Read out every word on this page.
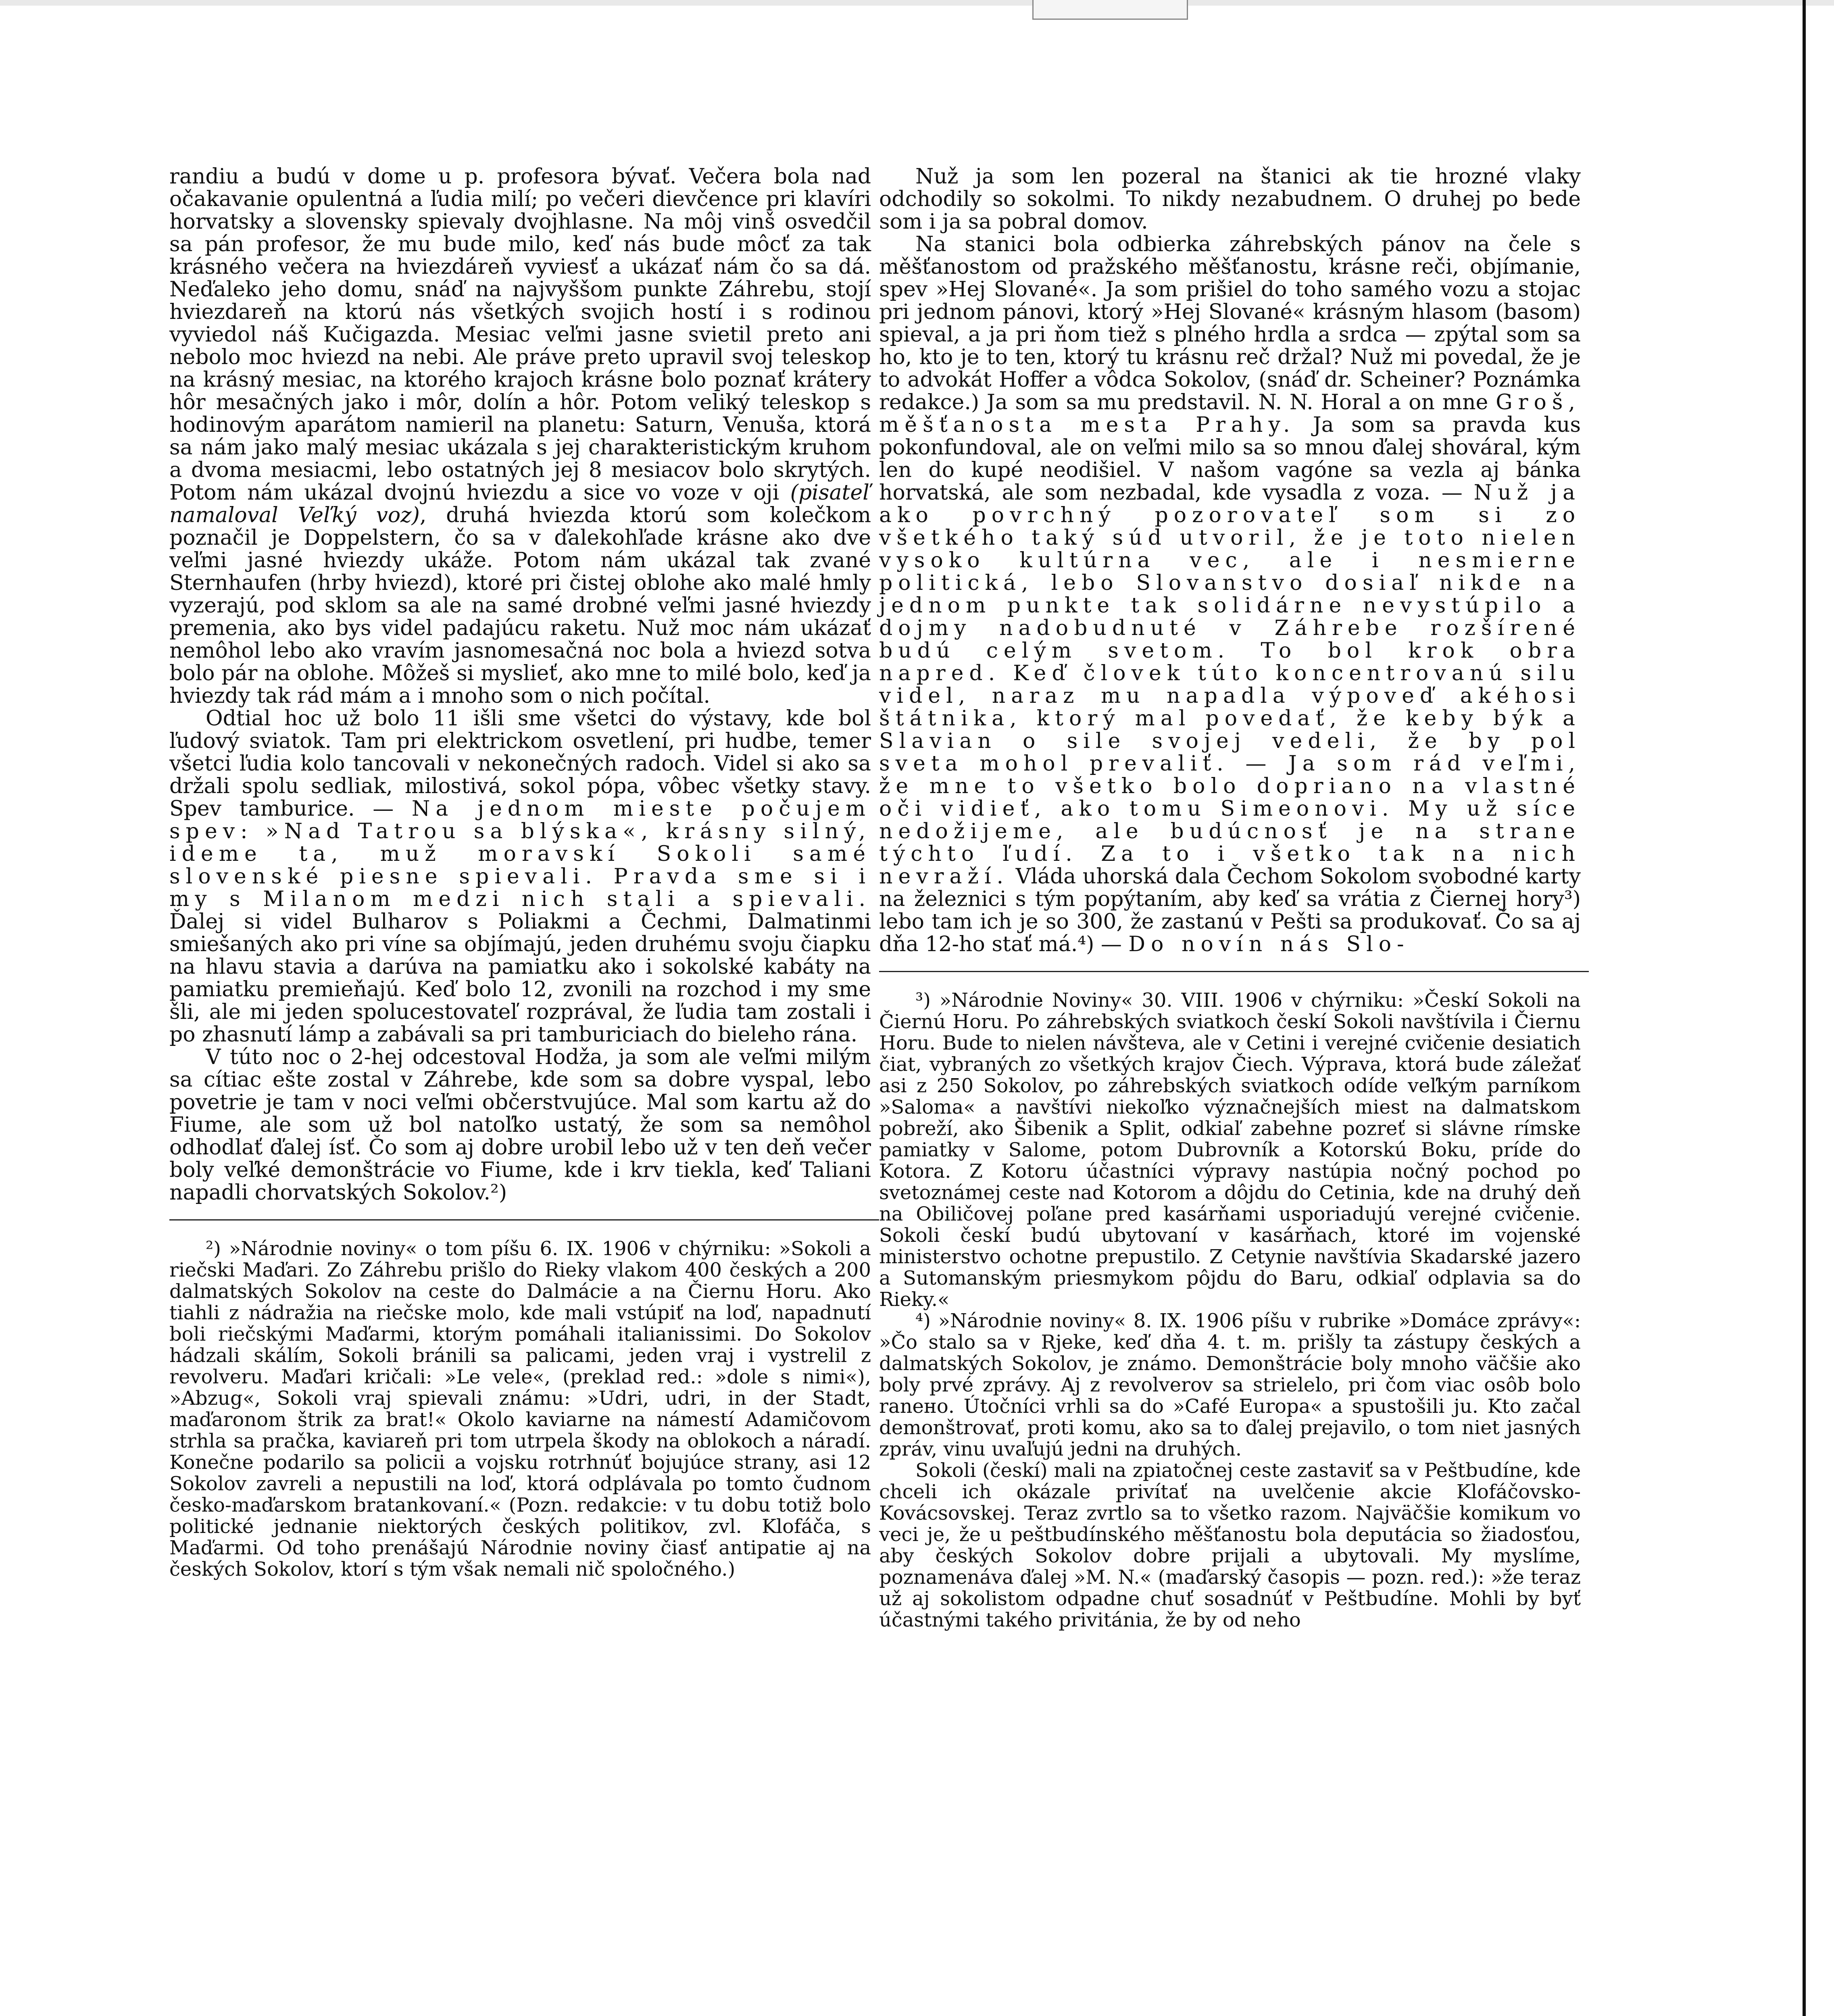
randiu a budú v dome u p. profesora bývať. Večera bola nad očakavanie opulentná a ľudia milí; po večeri dievčence pri klavíri horvatsky a slovensky spievaly dvojhlasne. Na môj vinš osvedčil sa pán profesor, že mu bude milo, keď nás bude môcť za tak krásného večera na hviezdáreň vyviesť a ukázať nám čo sa dá. Neďaleko jeho domu, snáď na najvyššom punkte Záhrebu, stojí hviezdareň na ktorú nás všetkých svojich hostí i s rodinou vyviedol náš Kučigazda. Mesiac veľmi jasne svietil preto ani nebolo moc hviezd na nebi. Ale práve preto upravil svoj teleskop na krásný mesiac, na ktorého krajoch krásne bolo poznať krátery hôr mesačných jako i môr, dolín a hôr. Potom veliký teleskop s hodinovým aparátom namieril na planetu: Saturn, Venuša, ktorá sa nám jako malý mesiac ukázala s jej charakteristickým kruhom a dvoma mesiacmi, lebo ostatných jej 8 mesiacov bolo skrytých. Potom nám ukázal dvojnú hviezdu a sice vo voze v oji (pisateľ namaloval Veľký voz), druhá hviezda ktorú som kolečkom poznačil je Doppelstern, čo sa v ďalekohľade krásne ako dve veľmi jasné hviezdy ukáže. Potom nám ukázal tak zvané Sternhaufen (hrby hviezd), ktoré pri čistej oblohe ako malé hmly vyzerajú, pod sklom sa ale na samé drobné veľmi jasné hviezdy premenia, ako bys videl padajúcu raketu. Nuž moc nám ukázať nemôhol lebo ako vravím jasnomesačná noc bola a hviezd sotva bolo pár na oblohe. Môžeš si myslieť, ako mne to milé bolo, keď ja hviezdy tak rád mám a i mnoho som o nich počítal.

Odtial hoc už bolo 11 išli sme všetci do výstavy, kde bol ľudový sviatok. Tam pri elektrickom osvetlení, pri hudbe, temer všetci ľudia kolo tancovali v nekonečných radoch. Videl si ako sa držali spolu sedliak, milostivá, sokol pópa, vôbec všetky stavy. Spev tamburice. — Na jednom mieste počujem spev: »Nad Tatrou sa blýska«, krásny silný, ideme ta, muž moravskí Sokoli samé slovenské piesne spievali. Pravda sme si i my s Milanom medzi nich stali a spievali. Ďalej si videl Bulharov s Poliakmi a Čechmi, Dalmatinmi smiešaných ako pri víne sa objímajú, jeden druhému svoju čiapku na hlavu stavia a darúva na pamiatku ako i sokolské kabáty na pamiatku premieňajú. Keď bolo 12, zvonili na rozchod i my sme šli, ale mi jeden spolucestovateľ rozprával, že ľudia tam zostali i po zhasnutí lámp a zabávali sa pri tamburiciach do bieleho rána.

V túto noc o 2-hej odcestoval Hodža, ja som ale veľmi milým sa cítiac ešte zostal v Záhrebe, kde som sa dobre vyspal, lebo povetrie je tam v noci veľmi občerstvujúce. Mal som kartu až do Fiume, ale som už bol natoľko ustatý, že som sa nemôhol odhodlať ďalej ísť. Čo som aj dobre urobil lebo už v ten deň večer boly veľké demonštrácie vo Fiume, kde i krv tiekla, keď Taliani napadli chorvatských Sokolov.²)

²) »Národnie noviny« o tom píšu 6. IX. 1906 v chýrniku: »Sokoli a riečski Maďari. Zo Záhrebu prišlo do Rieky vlakom 400 českých a 200 dalmatských Sokolov na ceste do Dalmácie a na Čiernu Horu. Ako tiahli z nádražia na riečske molo, kde mali vstúpiť na loď, napadnutí boli riečskými Maďarmi, ktorým pomáhali italianissimi. Do Sokolov hádzali skálím, Sokoli bránili sa palicami, jeden vraj i vystrelil z revolveru. Maďari kričali: »Le vele«, (preklad red.: »dole s nimi«), »Abzug«, Sokoli vraj spievali známu: »Udri, udri, in der Stadt, maďaronom štrik za brat!« Okolo kaviarne na námestí Adamičovom strhla sa pračka, kaviareň pri tom utrpela škody na oblokoch a náradí. Konečne podarilo sa policii a vojsku rotrhnúť bojujúce strany, asi 12 Sokolov zavreli a nepustili na loď, ktorá odplávala po tomto čudnom česko-maďarskom bratankovaní.« (Pozn. redakcie: v tu dobu totiž bolo politické jednanie niektorých českých politikov, zvl. Klofáča, s Maďarmi. Od toho prenášajú Národnie noviny čiasť antipatie aj na českých Sokolov, ktorí s tým však nemali nič spoločného.)

Nuž ja som len pozeral na štanici ak tie hrozné vlaky odchodily so sokolmi. To nikdy nezabudnem. O druhej po bede som i ja sa pobral domov.

Na stanici bola odbierka záhrebských pánov na čele s měšťanostom od pražského měšťanostu, krásne reči, objímanie, spev »Hej Slované«. Ja som prišiel do toho samého vozu a stojac pri jednom pánovi, ktorý »Hej Slované« krásným hlasom (basom) spieval, a ja pri ňom tiež s plného hrdla a srdca — zpýtal som sa ho, kto je to ten, ktorý tu krásnu reč držal? Nuž mi povedal, že je to advokát Hoffer a vôdca Sokolov, (snáď dr. Scheiner? Poznámka redakce.) Ja som sa mu predstavil. N. N. Horal a on mne Groš, měšťanosta mesta Prahy. Ja som sa pravda kus pokonfundoval, ale on veľmi milo sa so mnou ďalej shováral, kým len do kupé neodišiel. V našom vagóne sa vezla aj bánka horvatská, ale som nezbadal, kde vysadla z voza. — Nuž ja ako povrchný pozorovateľ som si zo všetkého taký súd utvoril, že je toto nielen vysoko kultúrna vec, ale i nesmierne politická, lebo Slovanstvo dosiaľ nikde na jednom punkte tak solidárne nevystúpilo a dojmy nadobudnuté v Záhrebe rozšírené budú celým svetom. To bol krok obra napred. Keď človek túto koncentrovanú silu videl, naraz mu napadla výpoveď akéhosi štátnika, ktorý mal povedať, že keby býk a Slavian o sile svojej vedeli, že by pol sveta mohol prevaliť. — Ja som rád veľmi, že mne to všetko bolo dopriano na vlastné oči vidieť, ako tomu Simeonovi. My už síce nedožijeme, ale budúcnosť je na strane týchto ľudí. Za to i všetko tak na nich nevraží. Vláda uhorská dala Čechom Sokolom svobodné karty na železnici s tým popýtaním, aby keď sa vrátia z Čiernej hory³) lebo tam ich je so 300, že zastanú v Pešti sa produkovať. Čo sa aj dňa 12-ho stať má.⁴) — Do novín nás Slo-

³) »Národnie Noviny« 30. VIII. 1906 v chýrniku: »Českí Sokoli na Čiernú Horu. Po záhrebských sviatkoch českí Sokoli navštívila i Čiernu Horu. Bude to nielen návšteva, ale v Cetini i verejné cvičenie desiatich čiat, vybraných zo všetkých krajov Čiech. Výprava, ktorá bude záležať asi z 250 Sokolov, po záhrebských sviatkoch odíde veľkým parníkom »Saloma« a navštívi niekoľko význačnejších miest na dalmatskom pobreží, ako Šibenik a Split, odkiaľ zabehne pozreť si slávne rímske pamiatky v Salome, potom Dubrovník a Kotorskú Boku, príde do Kotora. Z Kotoru účastníci výpravy nastúpia nočný pochod po svetoznámej ceste nad Kotorom a dôjdu do Cetinia, kde na druhý deň na Obiličovej poľane pred kasárňami usporiadujú verejné cvičenie. Sokoli českí budú ubytovaní v kasárňach, ktoré im vojenské ministerstvo ochotne prepustilo. Z Cetynie navštívia Skadarské jazero a Sutomanským priesmykom pôjdu do Baru, odkiaľ odplavia sa do Rieky.«

⁴) »Národnie noviny« 8. IX. 1906 píšu v rubrike »Domáce zprávy«: »Čo stalo sa v Rjeke, keď dňa 4. t. m. prišly ta zástupy českých a dalmatských Sokolov, je známo. Demonštrácie boly mnoho väčšie ako boly prvé zprávy. Aj z revolverov sa strielelo, pri čom viac osôb bolo ranено. Útočníci vrhli sa do »Café Europa« a spustošili ju. Kto začal demonštrovať, proti komu, ako sa to ďalej prejavilo, o tom niet jasných zpráv, vinu uvaľujú jedni na druhých.

Sokoli (českí) mali na zpiatočnej ceste zastaviť sa v Peštbudíne, kde chceli ich okázale privítať na uvelčenie akcie Klofáčovsko-Kovácsovskej. Teraz zvrtlo sa to všetko razom. Najväčšie komikum vo veci je, že u peštbudínského měšťanostu bola deputácia so žiadosťou, aby českých Sokolov dobre prijali a ubytovali. My myslíme, poznamenáva ďalej »M. N.« (maďarský časopis — pozn. red.): »že teraz už aj sokolistom odpadne chuť sosadnúť v Peštbudíne. Mohli by byť účastnými takého privitánia, že by od neho
